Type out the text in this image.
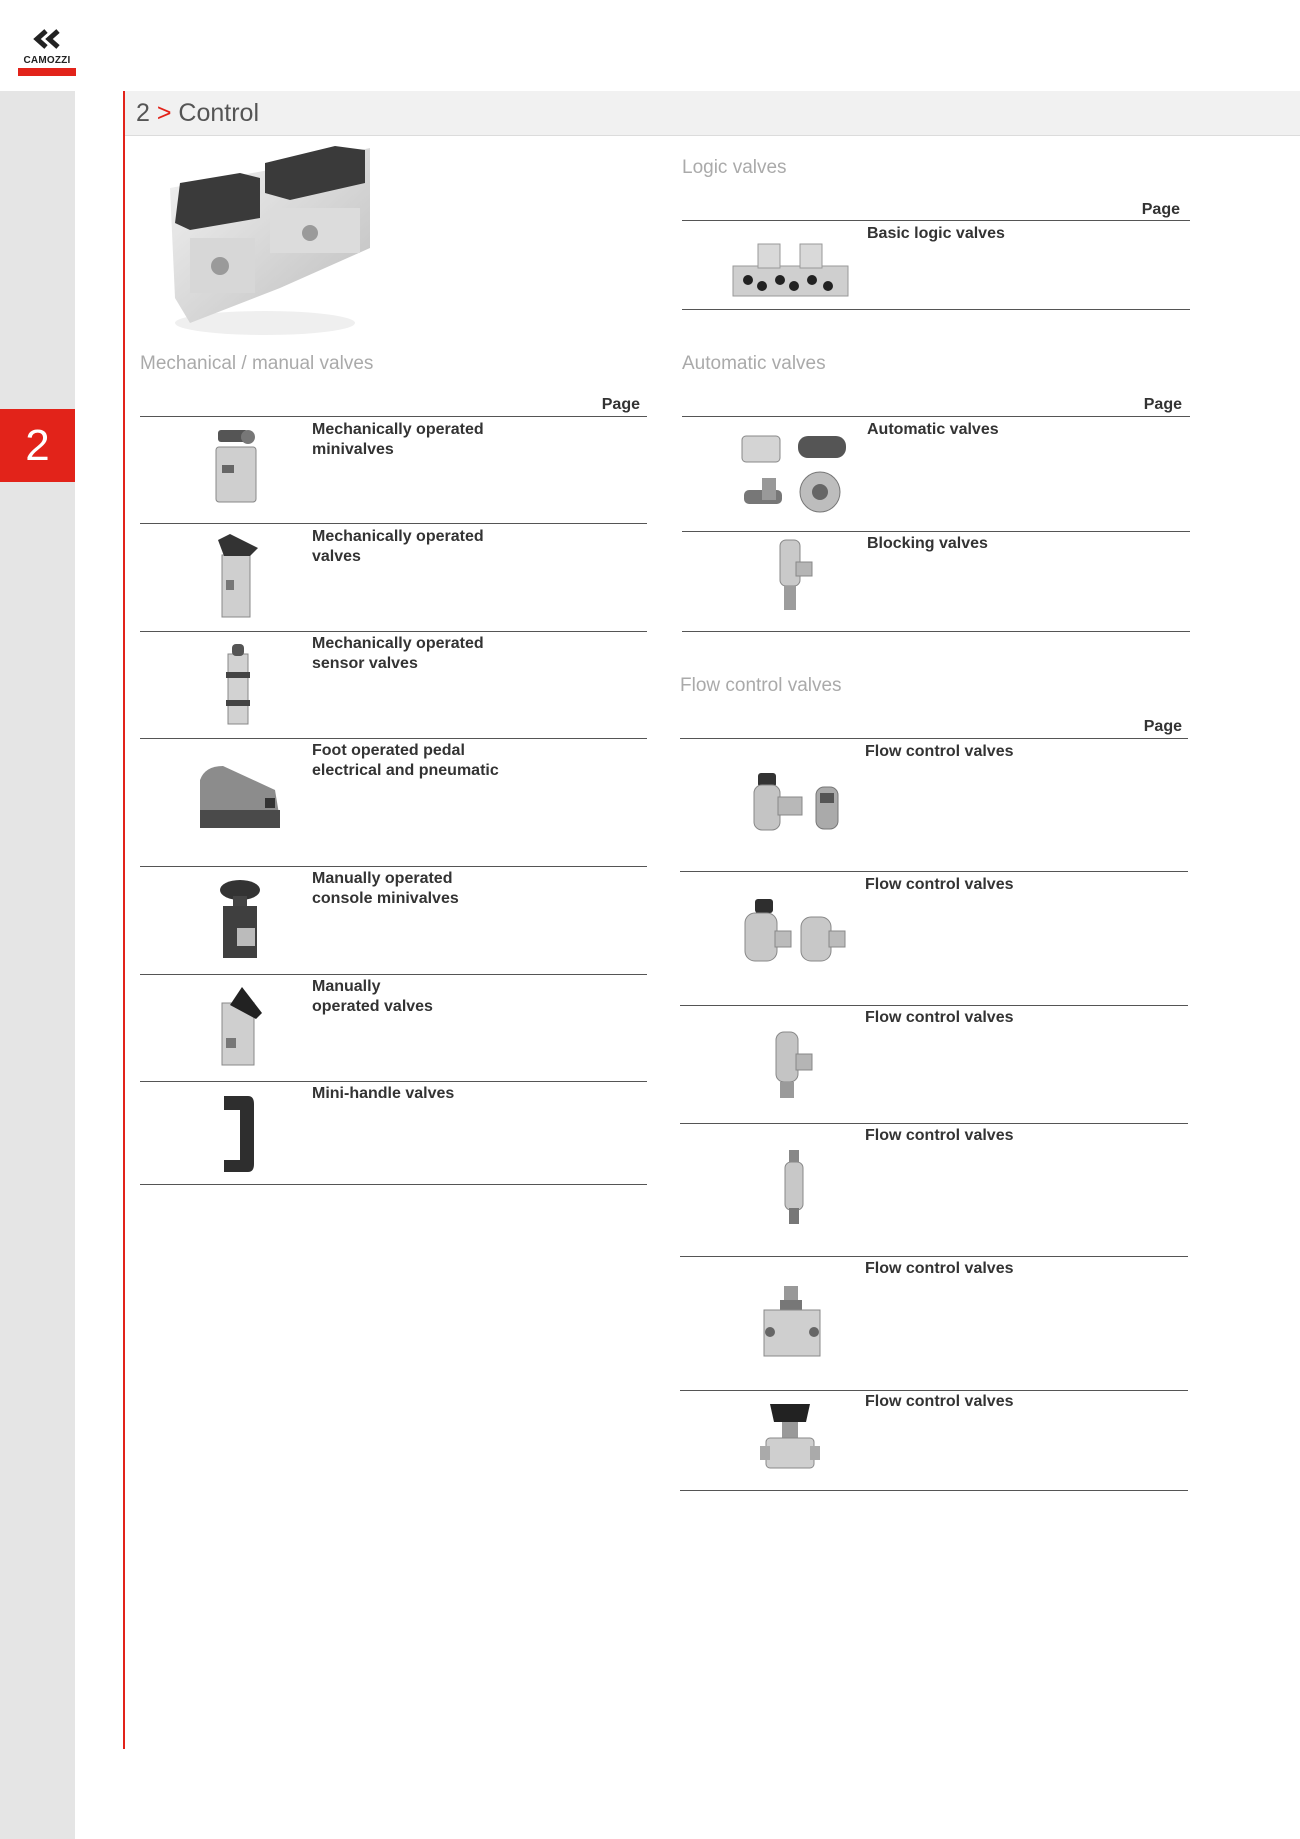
2
CAMOZZI
2 > Control
Mechanical / manual valves
Page
Mechanically operated
minivalves
Mechanically operated
valves
Mechanically operated
sensor valves
Foot operated pedal
electrical and pneumatic
Manually operated
console minivalves
Manually
operated valves
Mini-handle valves
Logic valves
Page
Basic logic valves
Automatic valves
Page
Automatic valves
Blocking valves
Flow control valves
Page
Flow control valves
Flow control valves
Flow control valves
Flow control valves
Flow control valves
Flow control valves
